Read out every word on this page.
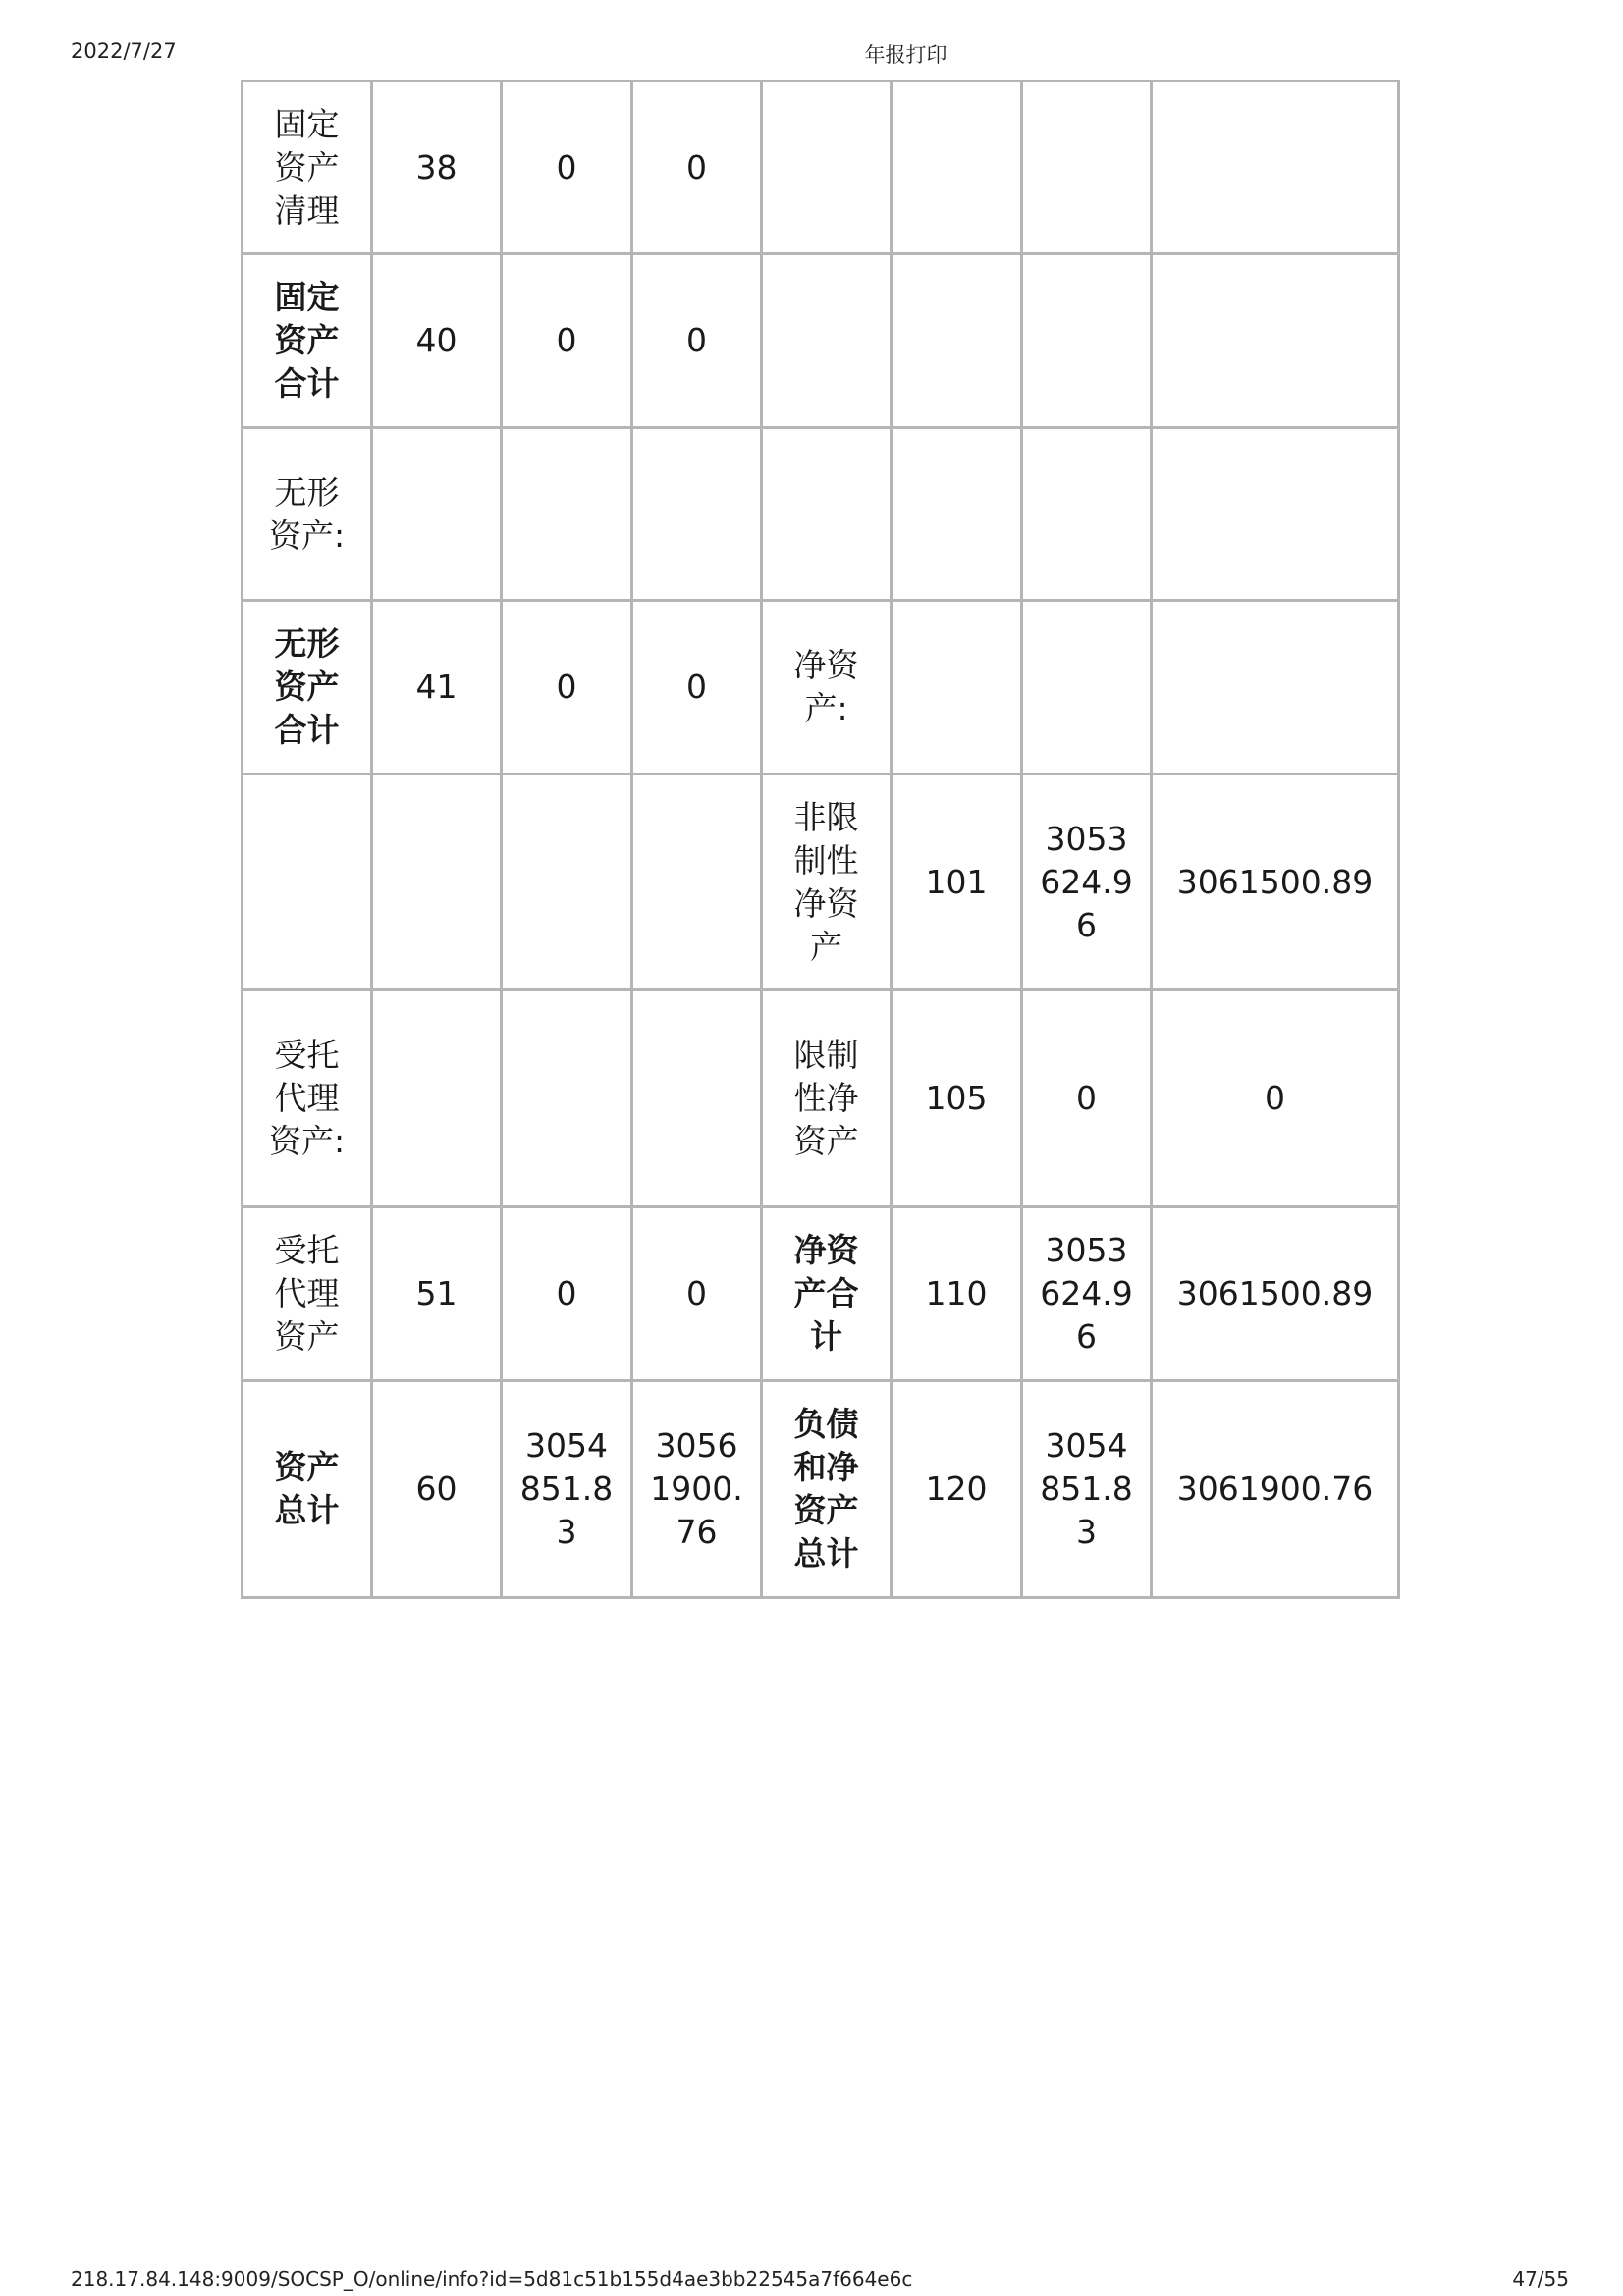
2022/7/27	年报打印
固定资产清理	38	0	0				
固定资产合计	40	0	0				
无形资产:							
无形资产合计	41	0	0	净资产:			
				非限制性净资产	101	3053624.96	3061500.89
受托代理资产:				限制性净资产	105	0	0
受托代理资产	51	0	0	净资产合计	110	3053624.96	3061500.89
资产总计	60	3054851.83	30561900.76	负债和净资产总计	120	3054851.83	3061900.76
218.17.84.148:9009/SOCSP_O/online/info?id=5d81c51b155d4ae3bb22545a7f664e6c	47/55
